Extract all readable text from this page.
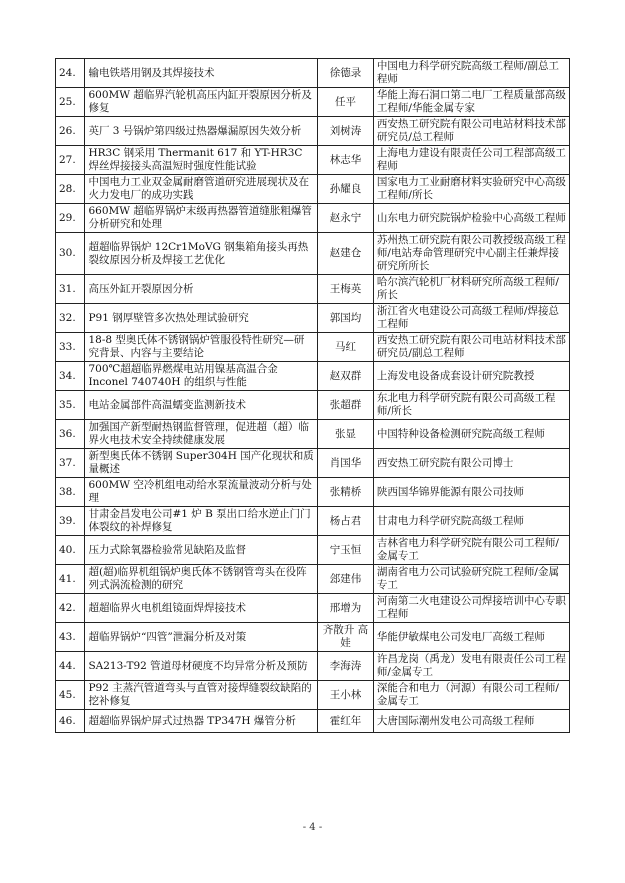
24.	输电铁塔用钢及其焊接技术	徐德录	中国电力科学研究院高级工程师/副总工程师
25.	600MW 超临界汽轮机高压内缸开裂原因分析及修复	任平	华能上海石洞口第二电厂工程质量部高级工程师/华能金属专家
26.	英厂 3 号锅炉第四级过热器爆漏原因失效分析	刘树涛	西安热工研究院有限公司电站材料技术部研究员/总工程师
27.	HR3C 钢采用 Thermanit 617 和 YT-HR3C 焊丝焊接接头高温短时强度性能试验	林志华	上海电力建设有限责任公司工程部高级工程师
28.	中国电力工业双金属耐磨管道研究进展现状及在火力发电厂的成功实践	孙耀良	国家电力工业耐磨材料实验研究中心高级工程师/所长
29.	660MW 超临界锅炉末级再热器管道缝胀粗爆管分析研究和处理	赵永宁	山东电力研究院锅炉检验中心高级工程师
30.	超超临界锅炉 12Cr1MoVG 钢集箱角接头再热裂纹原因分析及焊接工艺优化	赵建仓	苏州热工研究院有限公司教授级高级工程师/电站寿命管理研究中心副主任兼焊接研究所所长
31.	高压外缸开裂原因分析	王梅英	哈尔滨汽轮机厂材料研究所高级工程师/所长
32.	P91 钢厚壁管多次热处理试验研究	郭国均	浙江省火电建设公司高级工程师/焊接总工程师
33.	18-8 型奥氏体不锈钢锅炉管服役特性研究—研究背景、内容与主要结论	马红	西安热工研究院有限公司电站材料技术部研究员/副总工程师
34.	700℃超超临界燃煤电站用镍基高温合金 Inconel 740740H 的组织与性能	赵双群	上海发电设备成套设计研究院教授
35.	电站金属部件高温蠕变监测新技术	张超群	东北电力科学研究院有限公司高级工程师/所长
36.	加强国产新型耐热钢监督管理，促进超（超）临界火电技术安全持续健康发展	张显	中国特种设备检测研究院高级工程师
37.	新型奥氏体不锈钢 Super304H 国产化现状和质量概述	肖国华	西安热工研究院有限公司博士
38.	600MW 空冷机组电动给水泵流量波动分析与处理	张精桥	陕西国华锦界能源有限公司技师
39.	甘肃金昌发电公司#1 炉 B 泵出口给水逆止门门体裂纹的补焊修复	杨占君	甘肃电力科学研究院高级工程师
40.	压力式除氧器检验常见缺陷及监督	宁玉恒	吉林省电力科学研究院有限公司工程师/金属专工
41.	超(超)临界机组锅炉奥氏体不锈钢管弯头在役阵列式涡流检测的研究	郐建伟	湖南省电力公司试验研究院工程师/金属专工
42.	超超临界火电机组镜面焊焊接技术	邢增为	河南第二火电建设公司焊接培训中心专职工程师
43.	超临界锅炉“四管”泄漏分析及对策	齐散升 高娃	华能伊敏煤电公司发电厂高级工程师
44.	SA213-T92 管道母材硬度不均异常分析及预防	李海涛	许昌龙岗（禹龙）发电有限责任公司工程师/金属专工
45.	P92 主蒸汽管道弯头与直管对接焊缝裂纹缺陷的挖补修复	王小林	深能合和电力（河源）有限公司工程师/金属专工
46.	超超临界锅炉屏式过热器 TP347H 爆管分析	霍红年	大唐国际潮州发电公司高级工程师
- 4 -
